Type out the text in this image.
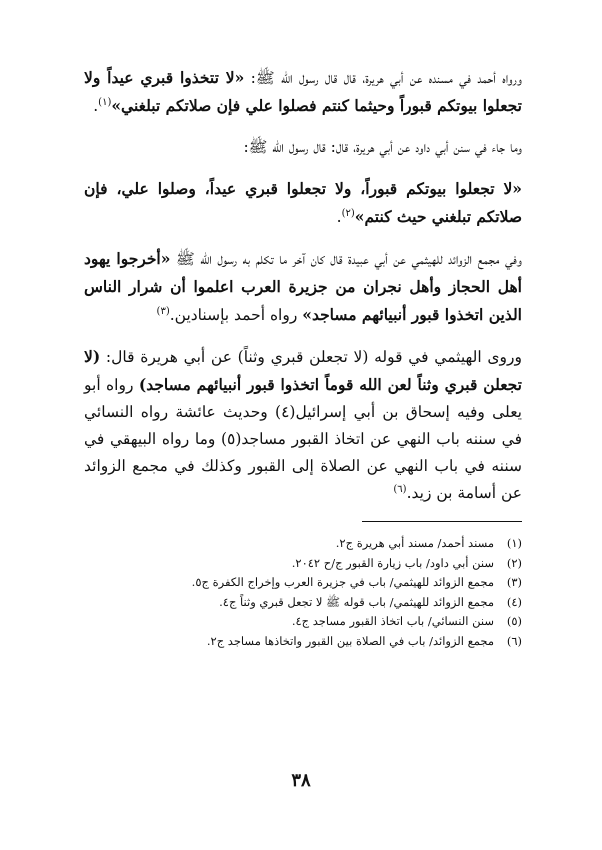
ورواه أحمد في مسنده عن أبي هريرة، قال قال رسول الله ﷺ: «لا تتخذوا قبري عيداً ولا تجعلوا بيوتكم قبوراً وحيثما كنتم فصلوا علي فإن صلاتكم تبلغني»$^{(١)}$.

وما جاء في سنن أبي داود عن أبي هريرة، قال: قال رسول الله ﷺ:

«لا تجعلوا بيوتكم قبوراً، ولا تجعلوا قبري عيداً، وصلوا علي، فإن صلاتكم تبلغني حيث كنتم»$^{(٢)}$.

وفي مجمع الزوائد للهيثمي عن أبي عبيدة قال كان آخر ما تكلم به رسول الله ﷺ «أخرجوا يهود أهل الحجاز وأهل نجران من جزيرة العرب اعلموا أن شرار الناس الذين اتخذوا قبور أنبيائهم مساجد» رواه أحمد بإسنادين.$^{(٣)}$

وروى الهيثمي في قوله (لا تجعلن قبري وثناً) عن أبي هريرة قال: (لا تجعلن قبري وثناً لعن الله قوماً اتخذوا قبور أنبيائهم مساجد) رواه أبو يعلى وفيه إسحاق بن أبي إسرائيل(٤) وحديث عائشة رواه النسائي في سننه باب النهي عن اتخاذ القبور مساجد(٥) وما رواه البيهقي في سننه في باب النهي عن الصلاة إلى القبور وكذلك في مجمع الزوائد عن أسامة بن زيد.$^{(٦)}$

(١)مسند أحمد/ مسند أبي هريرة ج٢.
(٢)سنن أبي داود/ باب زيارة القبور ج/ح ٢٠٤٢.
(٣)مجمع الزوائد للهيثمي/ باب في جزيرة العرب وإخراج الكفرة ج٥.
(٤)مجمع الزوائد للهيثمي/ باب قوله ﷺ لا تجعل قبري وثناً ج٤.
(٥)سنن النسائي/ باب اتخاذ القبور مساجد ج٤.
(٦)مجمع الزوائد/ باب في الصلاة بين القبور واتخاذها مساجد ج٢.
٣٨
